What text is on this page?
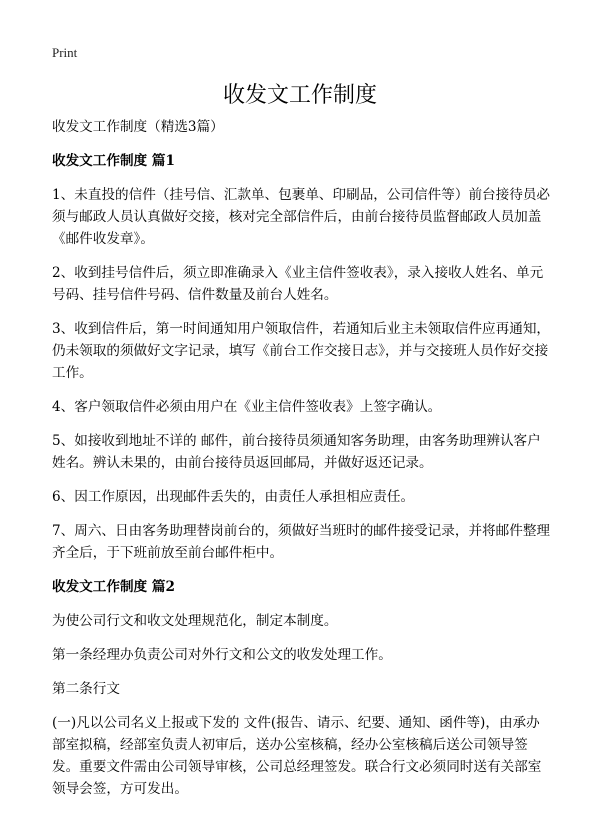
Print
收发文工作制度

收发文工作制度（精选3篇）

收发文工作制度 篇1

1、未直投的信件（挂号信、汇款单、包裹单、印刷品，公司信件等）前台接待员必须与邮政人员认真做好交接，核对完全部信件后，由前台接待员监督邮政人员加盖《邮件收发章》。

2、收到挂号信件后，须立即准确录入《业主信件签收表》，录入接收人姓名、单元号码、挂号信件号码、信件数量及前台人姓名。

3、收到信件后，第一时间通知用户领取信件，若通知后业主未领取信件应再通知，仍未领取的须做好文字记录，填写《前台工作交接日志》，并与交接班人员作好交接工作。

4、客户领取信件必须由用户在《业主信件签收表》上签字确认。

5、如接收到地址不详的 邮件，前台接待员须通知客务助理，由客务助理辨认客户姓名。辨认未果的，由前台接待员返回邮局，并做好返还记录。

6、因工作原因，出现邮件丢失的，由责任人承担相应责任。

7、周六、日由客务助理替岗前台的，须做好当班时的邮件接受记录，并将邮件整理齐全后，于下班前放至前台邮件柜中。

收发文工作制度 篇2

为使公司行文和收文处理规范化，制定本制度。

第一条经理办负责公司对外行文和公文的收发处理工作。

第二条行文

(一)凡以公司名义上报或下发的 文件(报告、请示、纪要、通知、函件等)，由承办部室拟稿，经部室负责人初审后，送办公室核稿，经办公室核稿后送公司领导签发。重要文件需由公司领导审核，公司总经理签发。联合行文必须同时送有关部室领导会签，方可发出。
